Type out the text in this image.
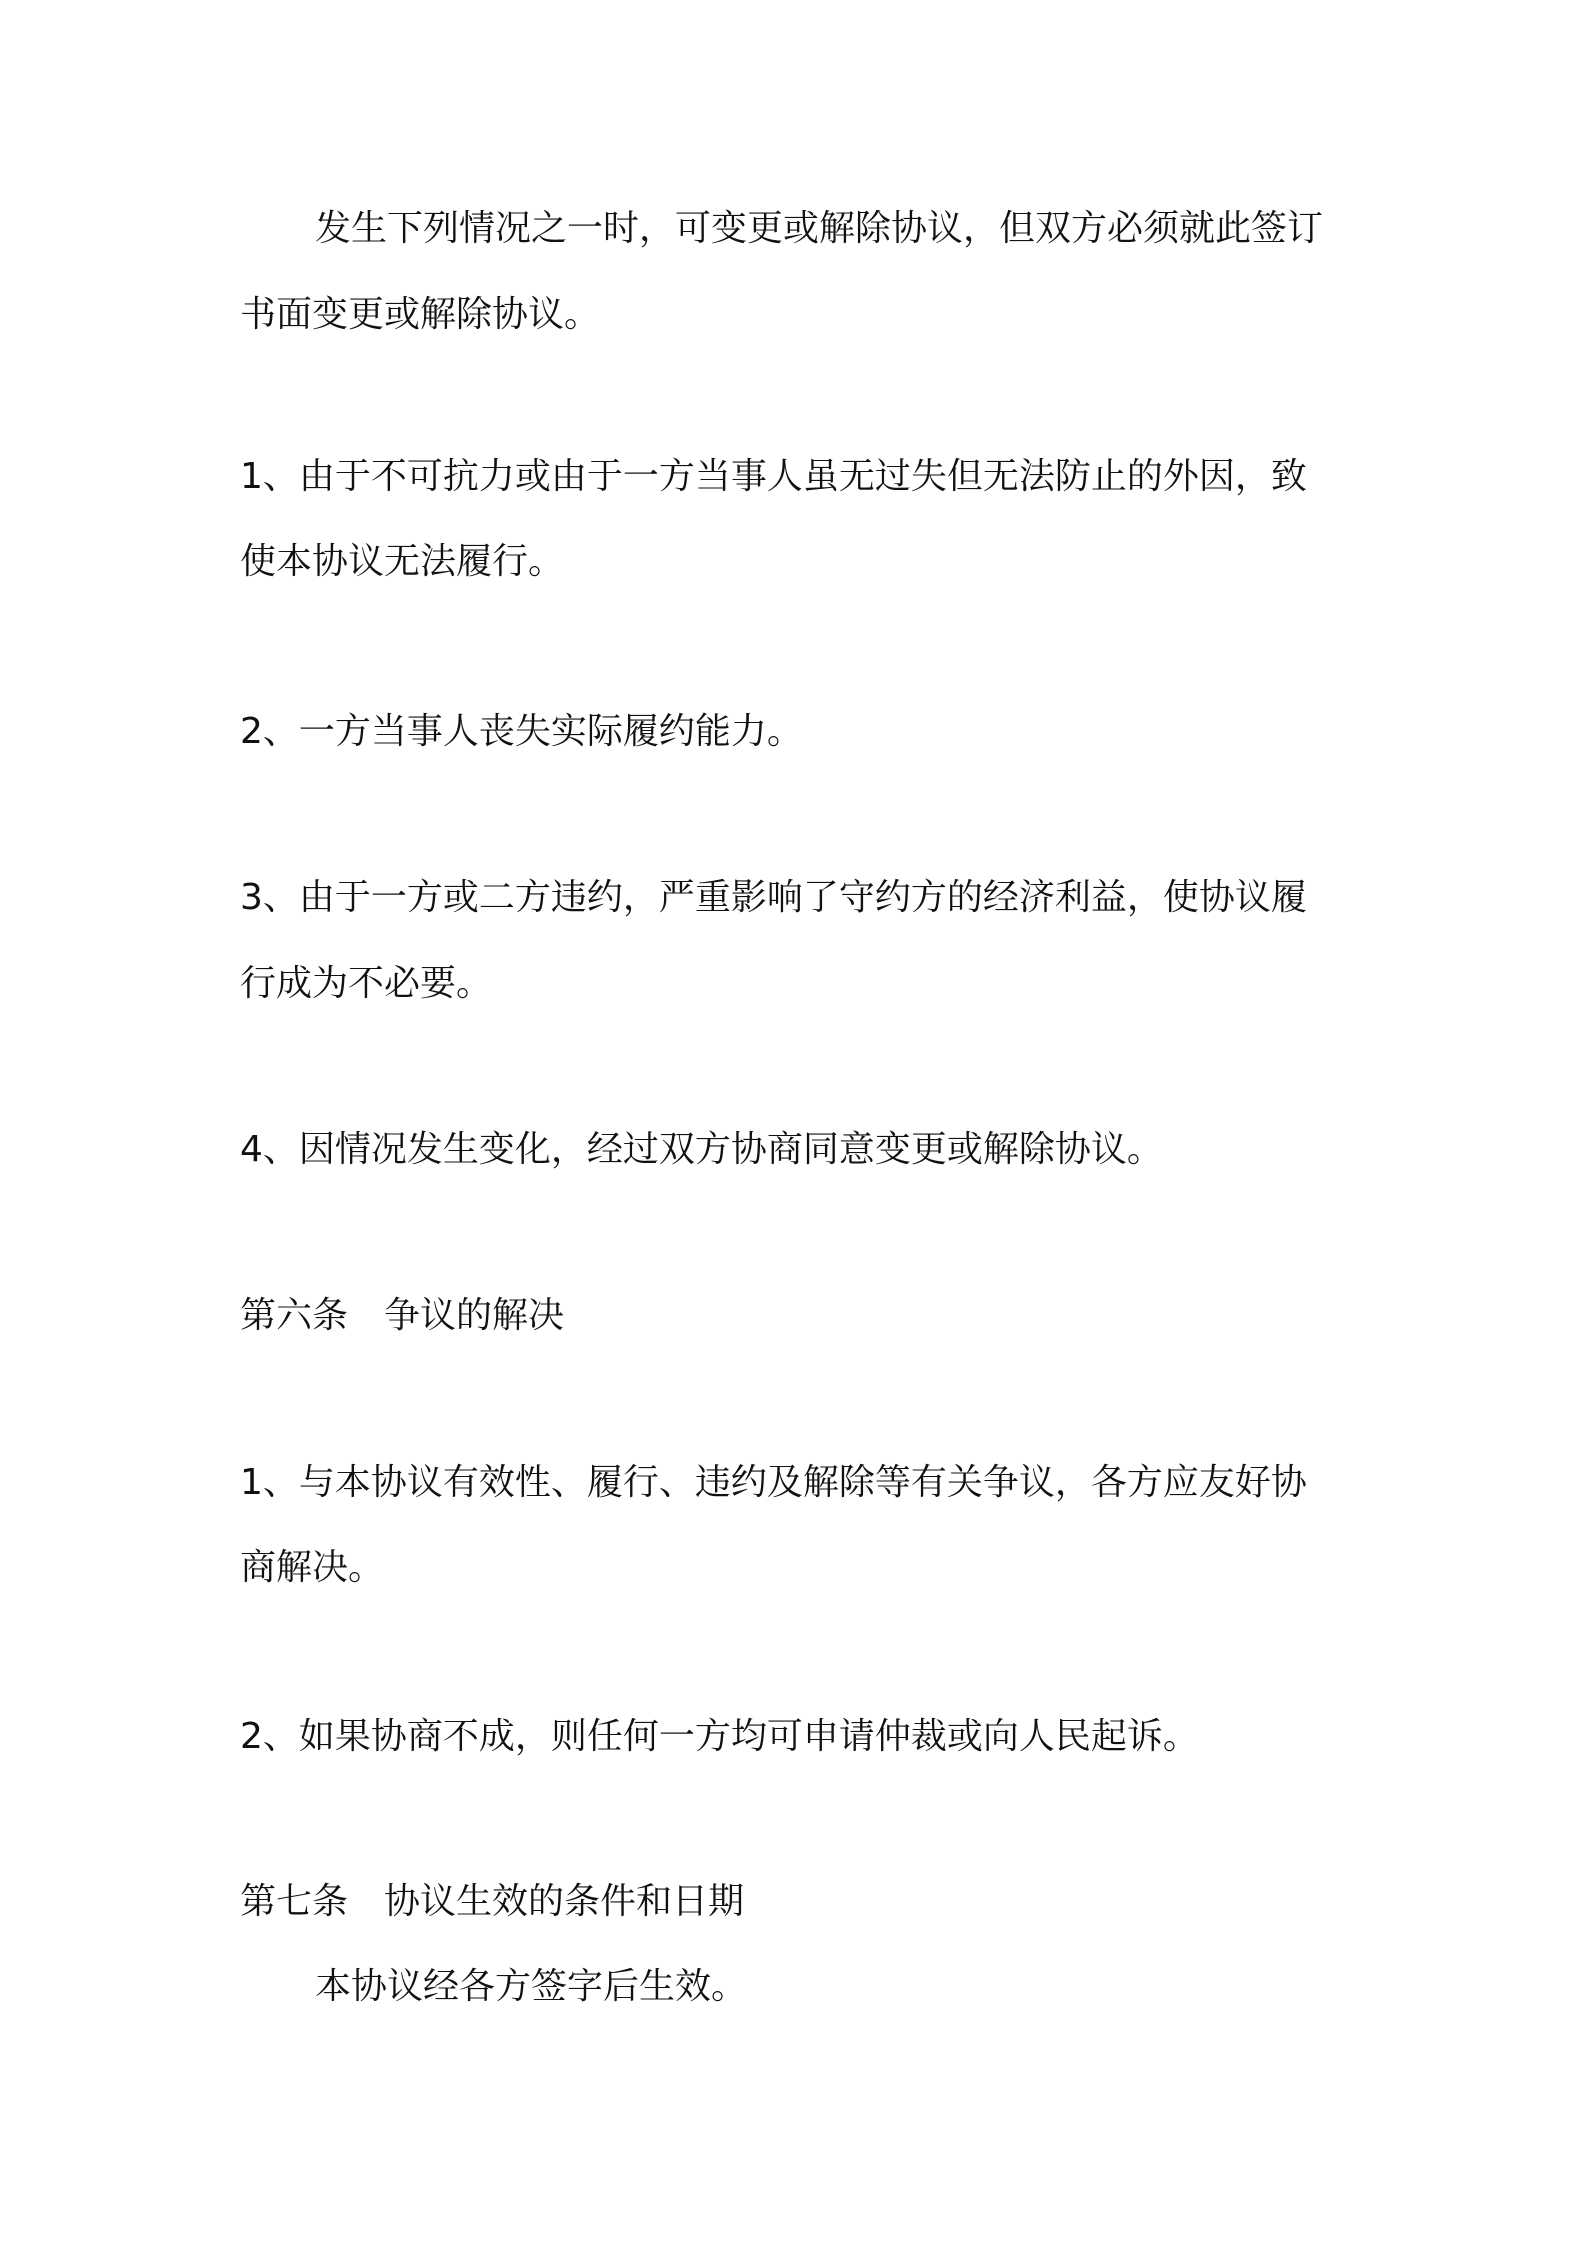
发生下列情况之一时，可变更或解除协议，但双方必须就此签订

书面变更或解除协议。

1、由于不可抗力或由于一方当事人虽无过失但无法防止的外因，致

使本协议无法履行。

2、一方当事人丧失实际履约能力。

3、由于一方或二方违约，严重影响了守约方的经济利益，使协议履

行成为不必要。

4、因情况发生变化，经过双方协商同意变更或解除协议。

第六条　争议的解决

1、与本协议有效性、履行、违约及解除等有关争议，各方应友好协

商解决。

2、如果协商不成，则任何一方均可申请仲裁或向人民起诉。

第七条　协议生效的条件和日期

本协议经各方签字后生效。
